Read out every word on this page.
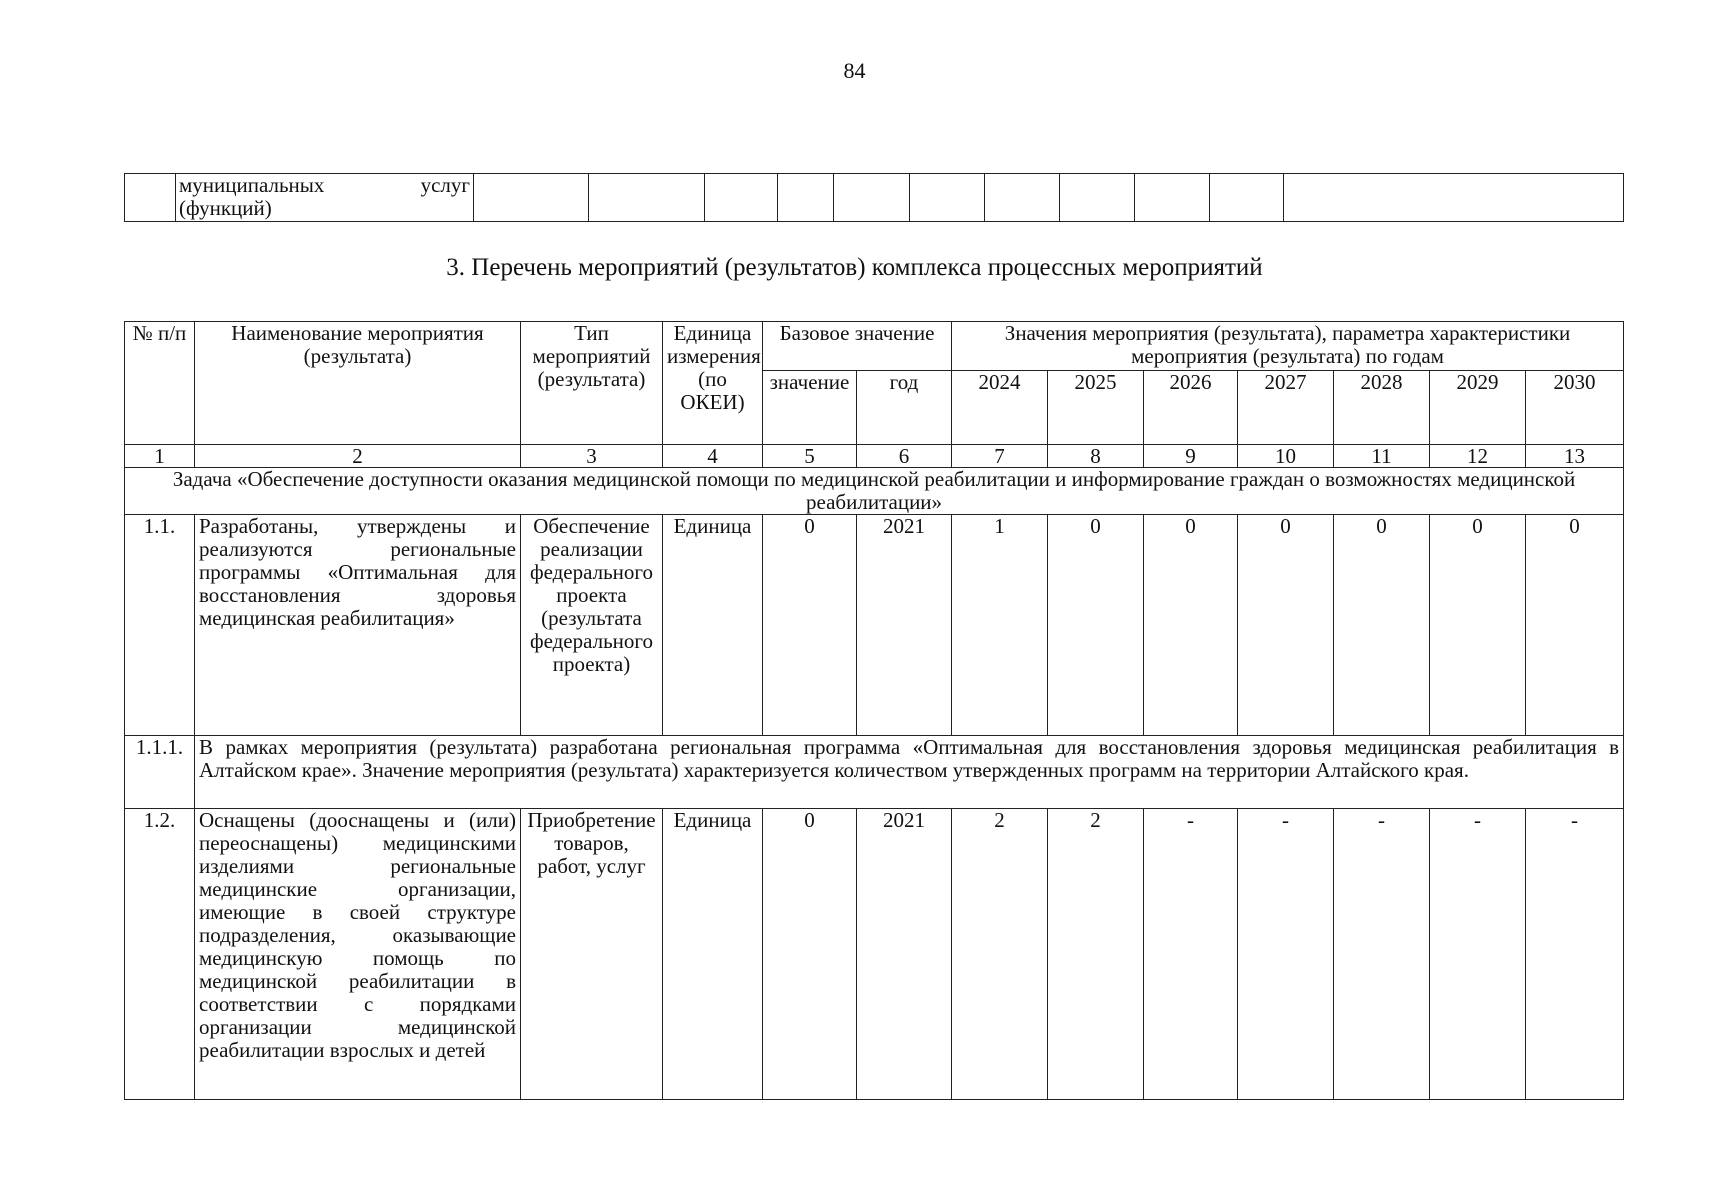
84

муниципальных	услуг
(функций)

3. Перечень мероприятий (результатов) комплекса процессных мероприятий
№ п/п	Наименование мероприятия (результата)	Тип мероприятий (результата)	Единица измерения (по ОКЕИ)	Базовое значение		Значения мероприятия (результата), параметра характеристики мероприятия (результата) по годам						
				значение	год	2024	2025	2026	2027	2028	2029	2030
1	2	3	4	5	6	7	8	9	10	11	12	13
Задача «Обеспечение доступности оказания медицинской помощи по медицинской реабилитации и информирование граждан о возможностях медицинской реабилитации»												
1.1.	Разработаны, утверждены и реализуются региональные программы «Оптимальная для восстановления здоровья медицинская реабилитация»	Обеспечение реализации федерального проекта (результата федерального проекта)	Единица	0	2021	1	0	0	0	0	0	0
1.1.1.	В рамках мероприятия (результата) разработана региональная программа «Оптимальная для восстановления здоровья медицинская реабилитация в Алтайском крае». Значение мероприятия (результата) характеризуется количеством утвержденных программ на территории Алтайского края.											
1.2.	Оснащены (дооснащены и (или) переоснащены) медицинскими изделиями региональные медицинские организации, имеющие в своей структуре подразделения, оказывающие медицинскую помощь по медицинской реабилитации в соответствии с порядками организации медицинской реабилитации взрослых и детей	Приобретение товаров, работ, услуг	Единица	0	2021	2	2	-	-	-	-	-
